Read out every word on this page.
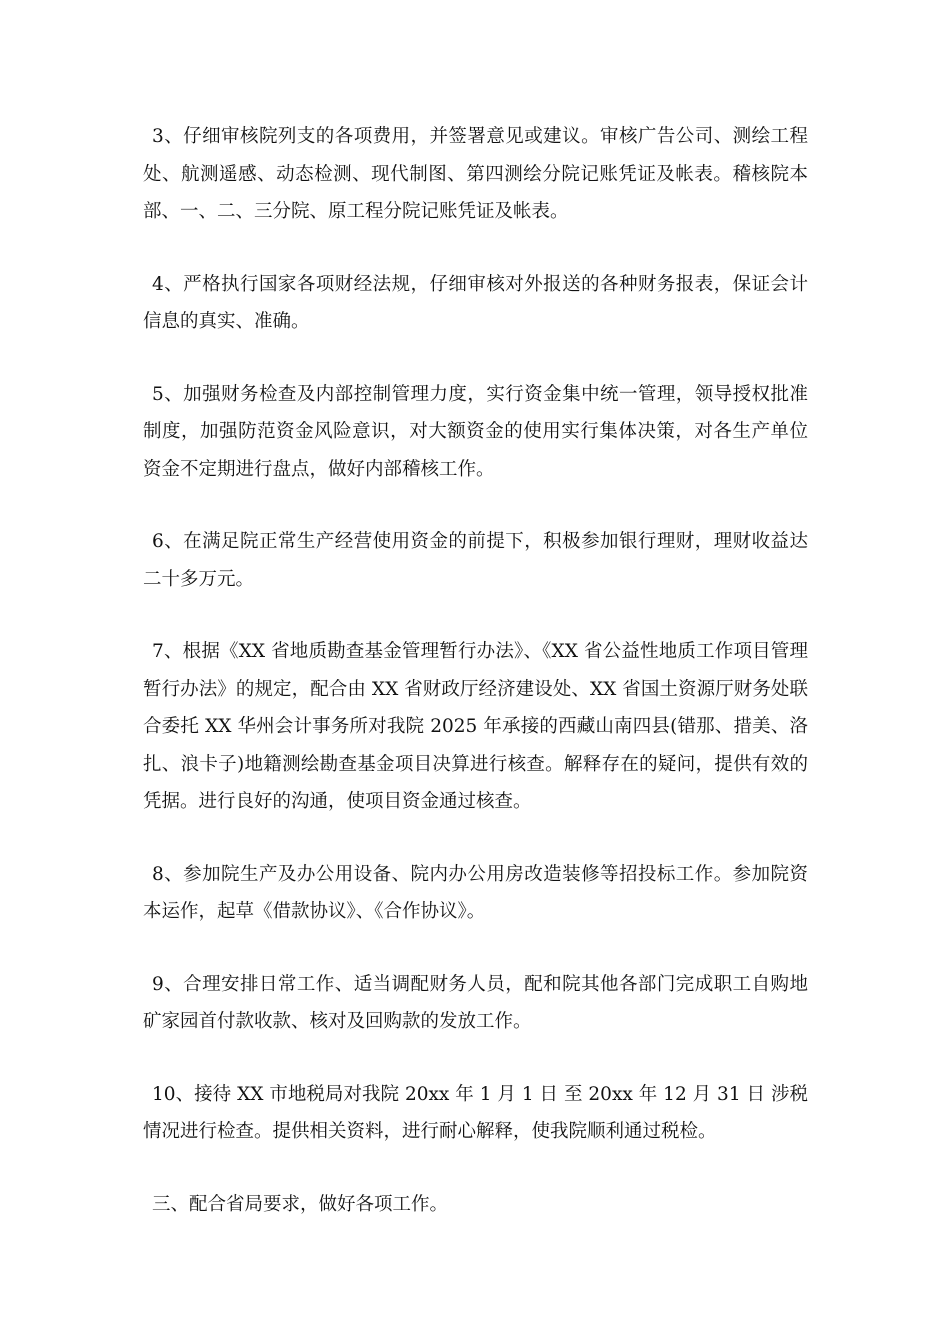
3、仔细审核院列支的各项费用，并签署意见或建议。审核广告公司、测绘工程处、航测遥感、动态检测、现代制图、第四测绘分院记账凭证及帐表。稽核院本部、一、二、三分院、原工程分院记账凭证及帐表。

4、严格执行国家各项财经法规，仔细审核对外报送的各种财务报表，保证会计信息的真实、准确。

5、加强财务检查及内部控制管理力度，实行资金集中统一管理，领导授权批准制度，加强防范资金风险意识，对大额资金的使用实行集体决策，对各生产单位资金不定期进行盘点，做好内部稽核工作。

6、在满足院正常生产经营使用资金的前提下，积极参加银行理财，理财收益达二十多万元。

7、根据《XX 省地质勘查基金管理暂行办法》、《XX 省公益性地质工作项目管理暂行办法》的规定，配合由 XX 省财政厅经济建设处、XX 省国土资源厅财务处联合委托 XX 华州会计事务所对我院 2025 年承接的西藏山南四县(错那、措美、洛扎、浪卡子)地籍测绘勘查基金项目决算进行核查。解释存在的疑问，提供有效的凭据。进行良好的沟通，使项目资金通过核查。

8、参加院生产及办公用设备、院内办公用房改造装修等招投标工作。参加院资本运作，起草《借款协议》、《合作协议》。

9、合理安排日常工作、适当调配财务人员，配和院其他各部门完成职工自购地矿家园首付款收款、核对及回购款的发放工作。

10、接待 XX 市地税局对我院 20xx 年 1 月 1 日 至 20xx 年 12 月 31 日 涉税情况进行检查。提供相关资料，进行耐心解释，使我院顺利通过税检。

三、配合省局要求，做好各项工作。
